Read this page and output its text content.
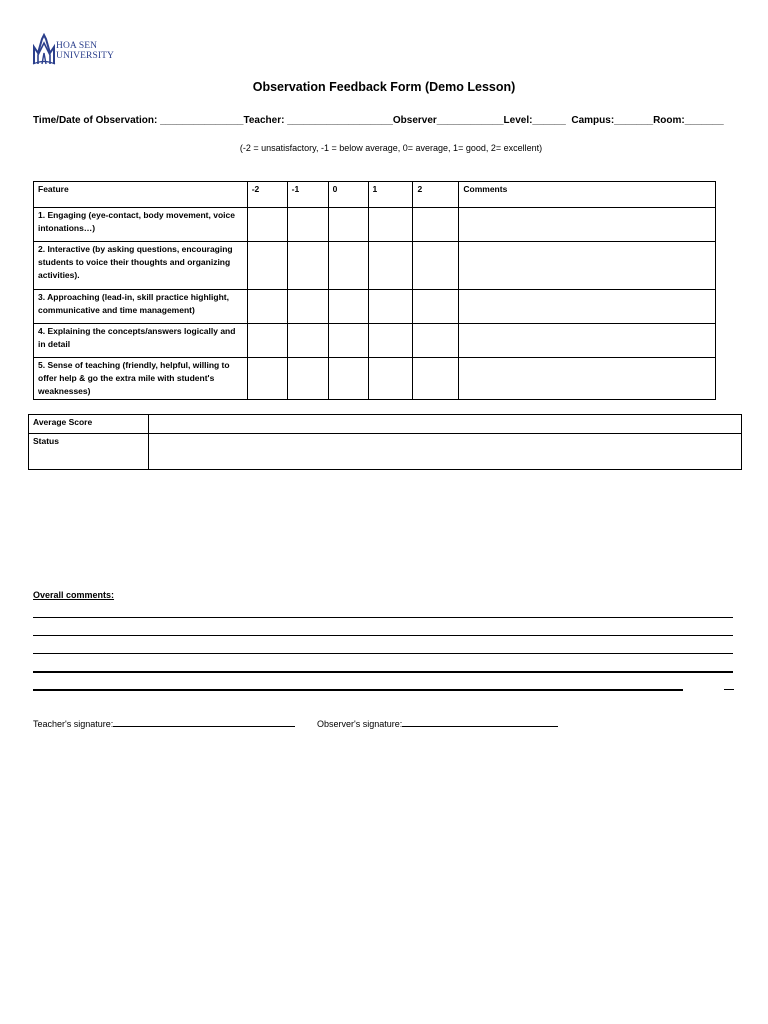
HOA SEN
UNIVERSITY
Observation Feedback Form (Demo Lesson)
Time/Date of Observation: _______________Teacher: ___________________Observer____________Level:______  Campus:_______Room:_______
(-2 = unsatisfactory, -1 = below average, 0= average, 1= good, 2= excellent)
Feature	-2	-1	0	1	2	Comments
1. Engaging (eye-contact, body movement, voice intonations…)						
2. Interactive (by asking questions, encouraging students to voice their thoughts and organizing activities).						
3. Approaching (lead-in, skill practice highlight, communicative and time management)						
4. Explaining the concepts/answers logically and in detail						
5. Sense of teaching (friendly, helpful, willing to offer help & go the extra mile with student's weaknesses)						
Average Score	
Status	
Overall comments:
Teacher's signature:	Observer's signature:
